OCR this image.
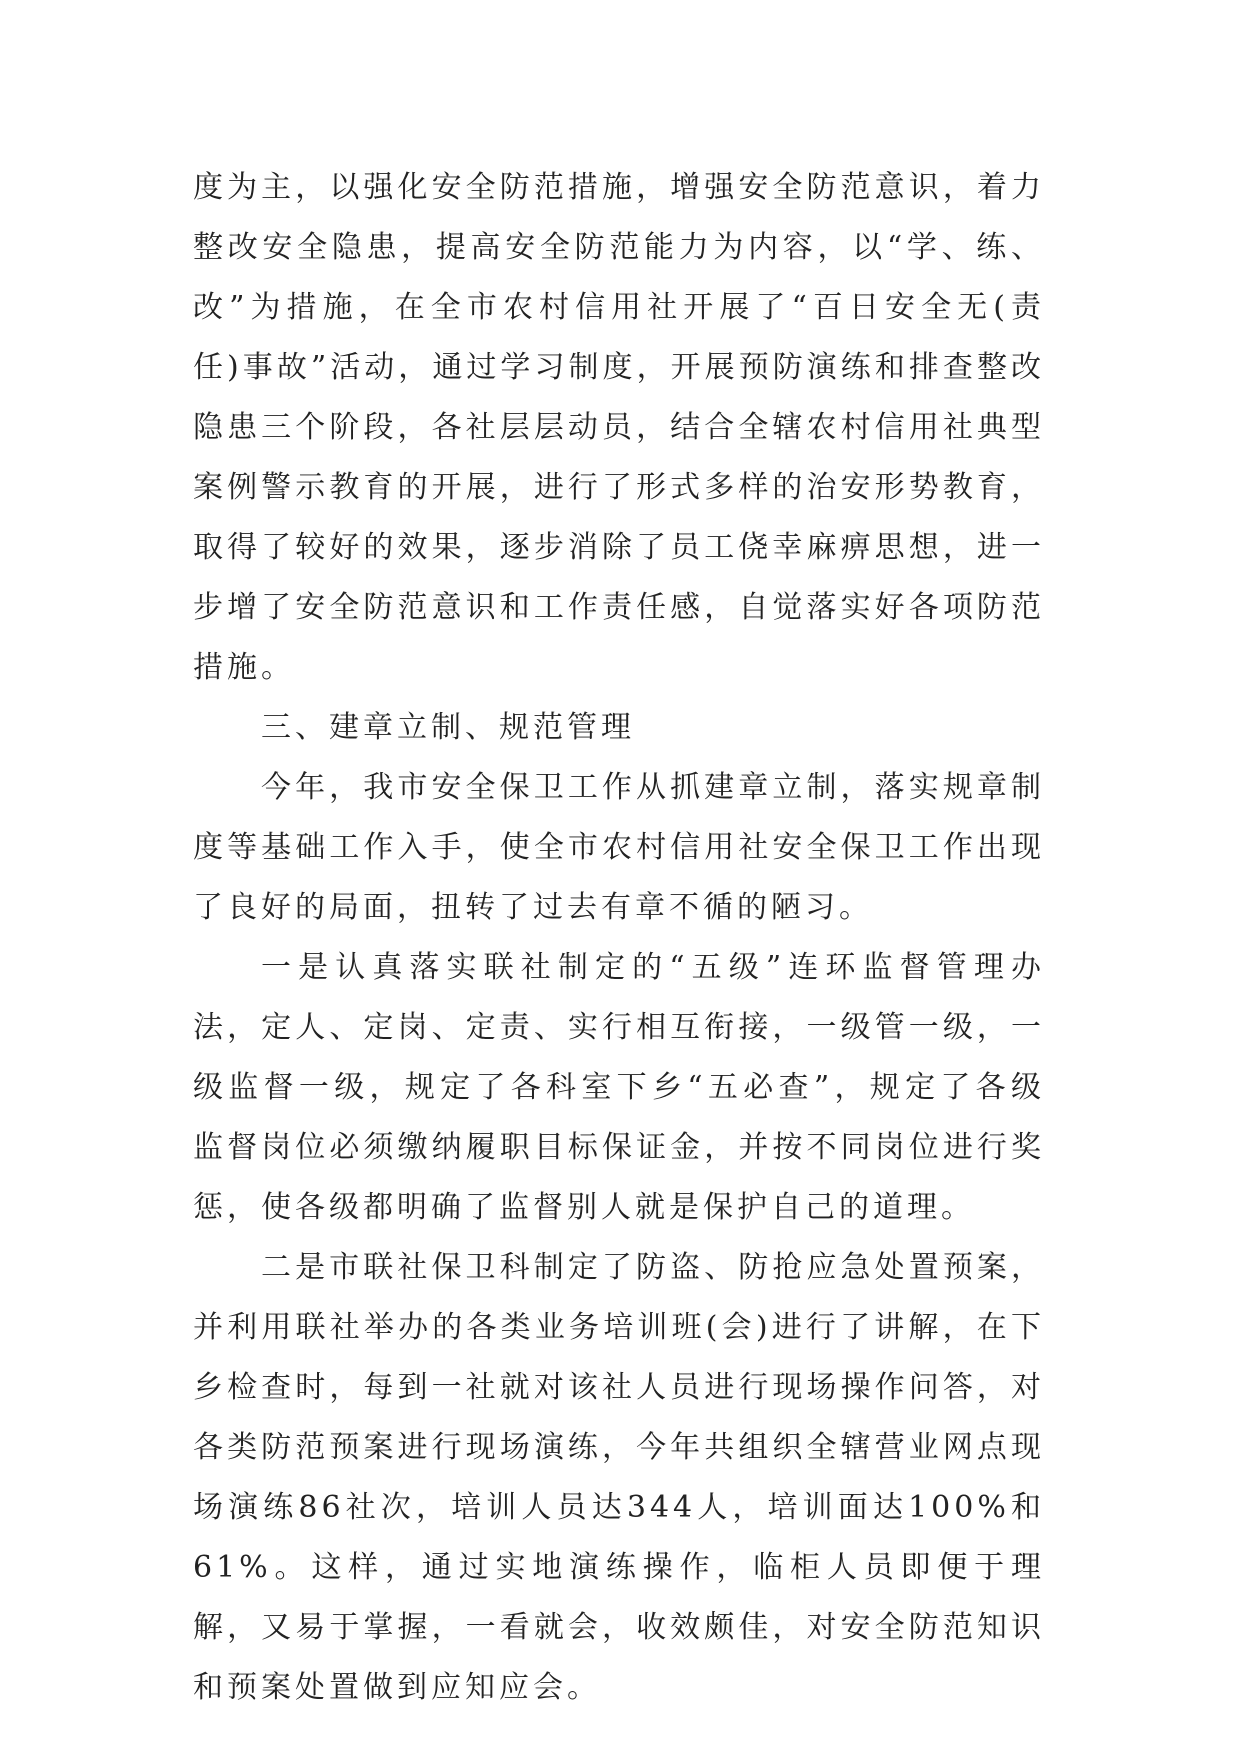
度为主，以强化安全防范措施，增强安全防范意识，着力整改安全隐患，提高安全防范能力为内容，以“学、练、改”为措施，在全市农村信用社开展了“百日安全无(责任)事故”活动，通过学习制度，开展预防演练和排查整改隐患三个阶段，各社层层动员，结合全辖农村信用社典型案例警示教育的开展，进行了形式多样的治安形势教育，取得了较好的效果，逐步消除了员工侥幸麻痹思想，进一步增了安全防范意识和工作责任感，自觉落实好各项防范措施。

三、建章立制、规范管理

今年，我市安全保卫工作从抓建章立制，落实规章制度等基础工作入手，使全市农村信用社安全保卫工作出现了良好的局面，扭转了过去有章不循的陋习。

一是认真落实联社制定的“五级”连环监督管理办法，定人、定岗、定责、实行相互衔接，一级管一级，一级监督一级，规定了各科室下乡“五必查”，规定了各级监督岗位必须缴纳履职目标保证金，并按不同岗位进行奖惩，使各级都明确了监督别人就是保护自己的道理。

二是市联社保卫科制定了防盗、防抢应急处置预案，并利用联社举办的各类业务培训班(会)进行了讲解，在下乡检查时，每到一社就对该社人员进行现场操作问答，对各类防范预案进行现场演练，今年共组织全辖营业网点现场演练86社次，培训人员达344人，培训面达100%和61%。这样，通过实地演练操作，临柜人员即便于理解，又易于掌握，一看就会，收效颇佳，对安全防范知识和预案处置做到应知应会。
